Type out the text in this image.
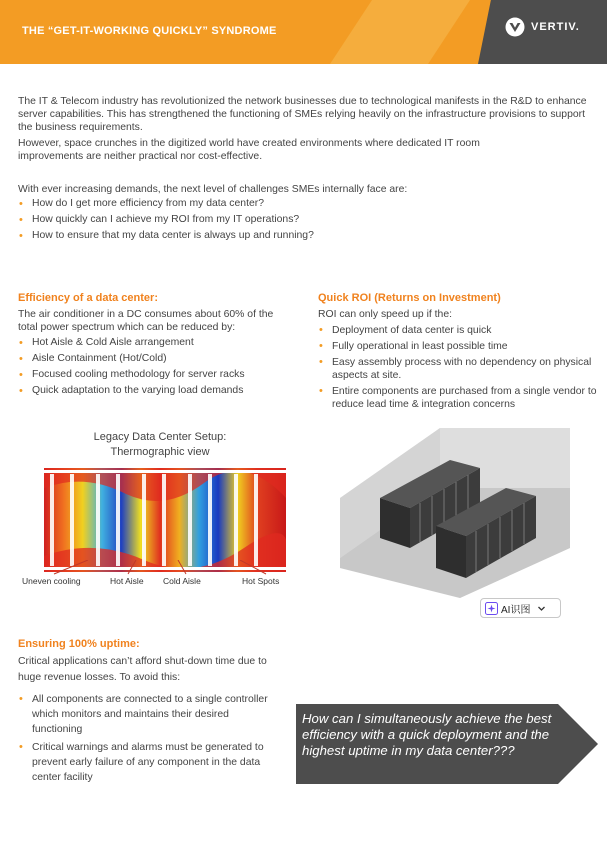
THE “GET-IT-WORKING QUICKLY” SYNDROME	VERTIV.
The IT & Telecom industry has revolutionized the network businesses due to technological manifests in the R&D to enhance server capabilities. This has strengthened the functioning of SMEs relying heavily on the infrastructure provisions to support the business requirements.
However, space crunches in the digitized world have created environments where dedicated IT room improvements are neither practical nor cost-effective.
With ever increasing demands, the next level of challenges SMEs internally face are:
• How do I get more efficiency from my data center?
• How quickly can I achieve my ROI from my IT operations?
• How to ensure that my data center is always up and running?
Efficiency of a data center:
The air conditioner in a DC consumes about 60% of the total power spectrum which can be reduced by:
• Hot Aisle & Cold Aisle arrangement
• Aisle Containment (Hot/Cold)
• Focused cooling methodology for server racks
• Quick adaptation to the varying load demands
Quick ROI (Returns on Investment)
ROI can only speed up if the:
• Deployment of data center is quick
• Fully operational in least possible time
• Easy assembly process with no dependency on physical aspects at site.
• Entire components are purchased from a single vendor to reduce lead time & integration concerns
Legacy Data Center Setup:
Thermographic view
Uneven cooling	Hot Aisle Cold Aisle	Hot Spots
AI识图
Ensuring 100% uptime:
Critical applications can’t afford shut-down time due to huge revenue losses. To avoid this:
• All components are connected to a single controller which monitors and maintains their desired functioning
• Critical warnings and alarms must be generated to prevent early failure of any component in the data center facility
How can I simultaneously achieve the best efficiency with a quick deployment and the highest uptime in my data center???
